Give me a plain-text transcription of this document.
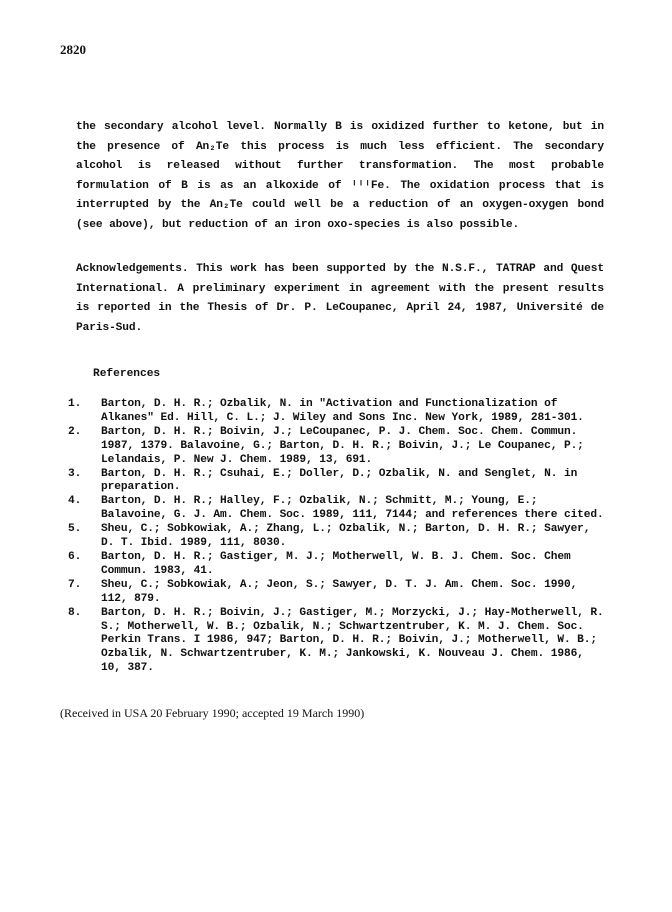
2820

the secondary alcohol level. Normally B is oxidized further to ketone, but in the presence of An₂Te this process is much less efficient. The secondary alcohol is released without further transformation. The most probable formulation of B is as an alkoxide of ᴵᴵᴵFe. The oxidation process that is interrupted by the An₂Te could well be a reduction of an oxygen-oxygen bond (see above), but reduction of an iron oxo-species is also possible.

Acknowledgements. This work has been supported by the N.S.F., TATRAP and Quest International. A preliminary experiment in agreement with the present results is reported in the Thesis of Dr. P. LeCoupanec, April 24, 1987, Université de Paris-Sud.

References
1. Barton, D. H. R.; Ozbalik, N. in "Activation and Functionalization of Alkanes" Ed. Hill, C. L.; J. Wiley and Sons Inc. New York, 1989, 281-301.
2. Barton, D. H. R.; Boivin, J.; LeCoupanec, P. J. Chem. Soc. Chem. Commun. 1987, 1379. Balavoine, G.; Barton, D. H. R.; Boivin, J.; Le Coupanec, P.; Lelandais, P. New J. Chem. 1989, 13, 691.
3. Barton, D. H. R.; Csuhai, E.; Doller, D.; Ozbalik, N. and Senglet, N. in preparation.
4. Barton, D. H. R.; Halley, F.; Ozbalik, N.; Schmitt, M.; Young, E.; Balavoine, G. J. Am. Chem. Soc. 1989, 111, 7144; and references there cited.
5. Sheu, C.; Sobkowiak, A.; Zhang, L.; Ozbalik, N.; Barton, D. H. R.; Sawyer, D. T. Ibid. 1989, 111, 8030.
6. Barton, D. H. R.; Gastiger, M. J.; Motherwell, W. B. J. Chem. Soc. Chem Commun. 1983, 41.
7. Sheu, C.; Sobkowiak, A.; Jeon, S.; Sawyer, D. T. J. Am. Chem. Soc. 1990, 112, 879.
8. Barton, D. H. R.; Boivin, J.; Gastiger, M.; Morzycki, J.; Hay-Motherwell, R. S.; Motherwell, W. B.; Ozbalik, N.; Schwartzentruber, K. M. J. Chem. Soc. Perkin Trans. I 1986, 947; Barton, D. H. R.; Boivin, J.; Motherwell, W. B.; Ozbalik, N. Schwartzentruber, K. M.; Jankowski, K. Nouveau J. Chem. 1986, 10, 387.
(Received in USA 20 February 1990; accepted 19 March 1990)
